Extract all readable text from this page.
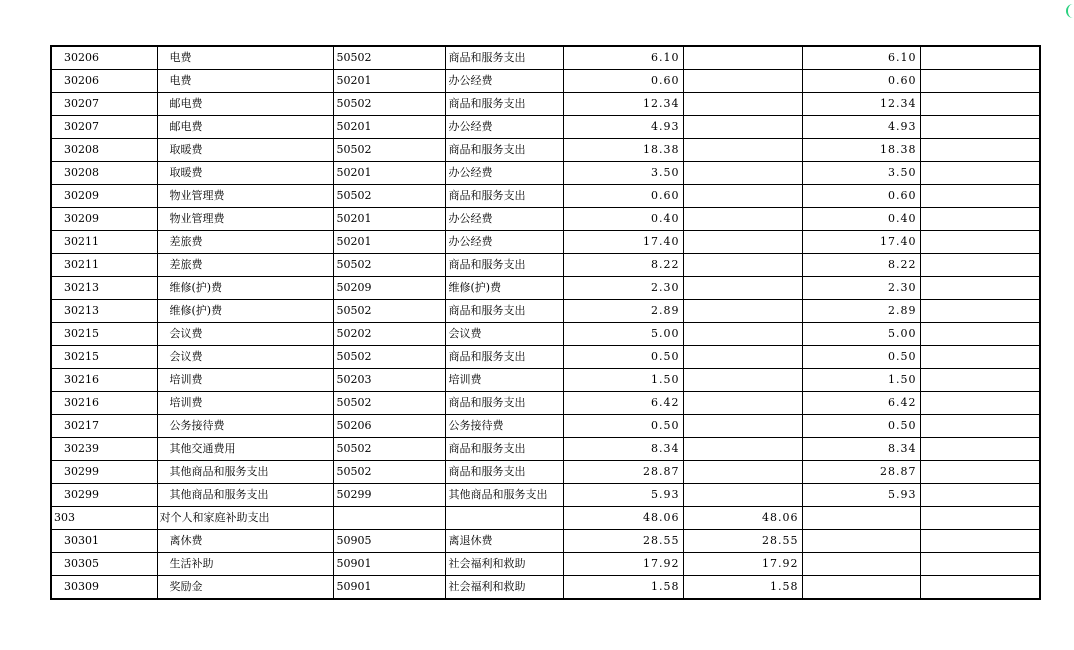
30206	电费	50502	商品和服务支出	6.10		6.10	
30206	电费	50201	办公经费	0.60		0.60	
30207	邮电费	50502	商品和服务支出	12.34		12.34	
30207	邮电费	50201	办公经费	4.93		4.93	
30208	取暖费	50502	商品和服务支出	18.38		18.38	
30208	取暖费	50201	办公经费	3.50		3.50	
30209	物业管理费	50502	商品和服务支出	0.60		0.60	
30209	物业管理费	50201	办公经费	0.40		0.40	
30211	差旅费	50201	办公经费	17.40		17.40	
30211	差旅费	50502	商品和服务支出	8.22		8.22	
30213	维修(护)费	50209	维修(护)费	2.30		2.30	
30213	维修(护)费	50502	商品和服务支出	2.89		2.89	
30215	会议费	50202	会议费	5.00		5.00	
30215	会议费	50502	商品和服务支出	0.50		0.50	
30216	培训费	50203	培训费	1.50		1.50	
30216	培训费	50502	商品和服务支出	6.42		6.42	
30217	公务接待费	50206	公务接待费	0.50		0.50	
30239	其他交通费用	50502	商品和服务支出	8.34		8.34	
30299	其他商品和服务支出	50502	商品和服务支出	28.87		28.87	
30299	其他商品和服务支出	50299	其他商品和服务支出	5.93		5.93	
303	对个人和家庭补助支出			48.06	48.06		
30301	离休费	50905	离退休费	28.55	28.55		
30305	生活补助	50901	社会福利和救助	17.92	17.92		
30309	奖励金	50901	社会福利和救助	1.58	1.58		
